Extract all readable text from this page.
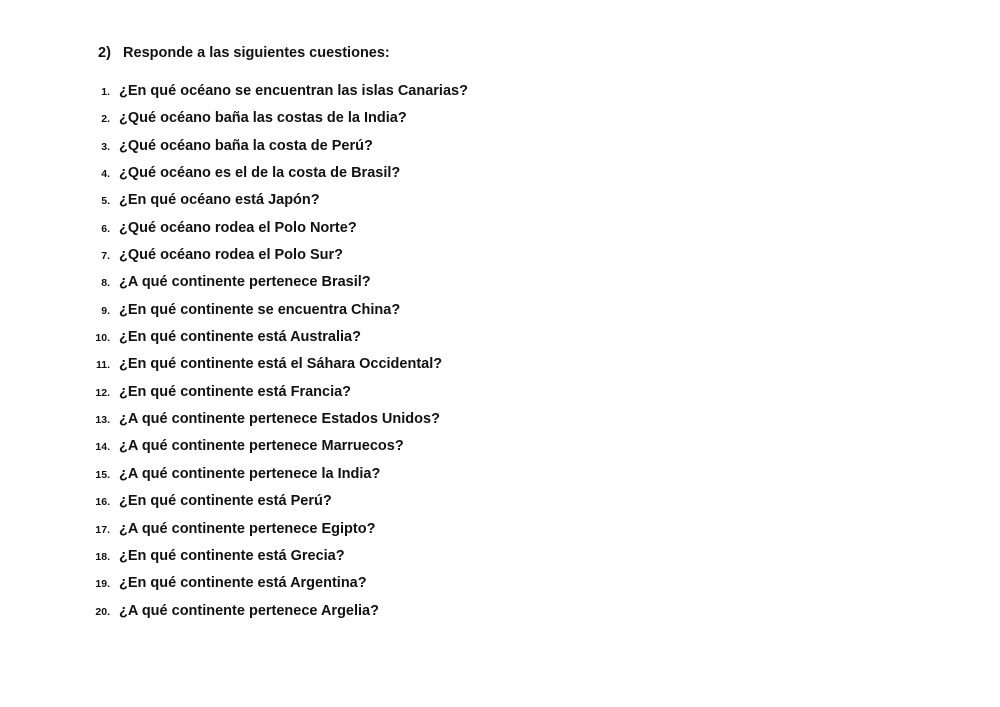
2) Responde a las siguientes cuestiones:
1. ¿En qué océano se encuentran las islas Canarias?
2. ¿Qué océano baña las costas de la India?
3. ¿Qué océano baña la costa de Perú?
4. ¿Qué océano es el de la costa de Brasil?
5. ¿En qué océano está Japón?
6. ¿Qué océano rodea el Polo Norte?
7. ¿Qué océano rodea el Polo Sur?
8. ¿A qué continente pertenece Brasil?
9. ¿En qué continente se encuentra China?
10. ¿En qué continente está Australia?
11. ¿En qué continente está el Sáhara Occidental?
12. ¿En qué continente está Francia?
13. ¿A qué continente pertenece Estados Unidos?
14. ¿A qué continente pertenece Marruecos?
15. ¿A qué continente pertenece la India?
16. ¿En qué continente está Perú?
17. ¿A qué continente pertenece Egipto?
18. ¿En qué continente está Grecia?
19. ¿En qué continente está Argentina?
20. ¿A qué continente pertenece Argelia?
